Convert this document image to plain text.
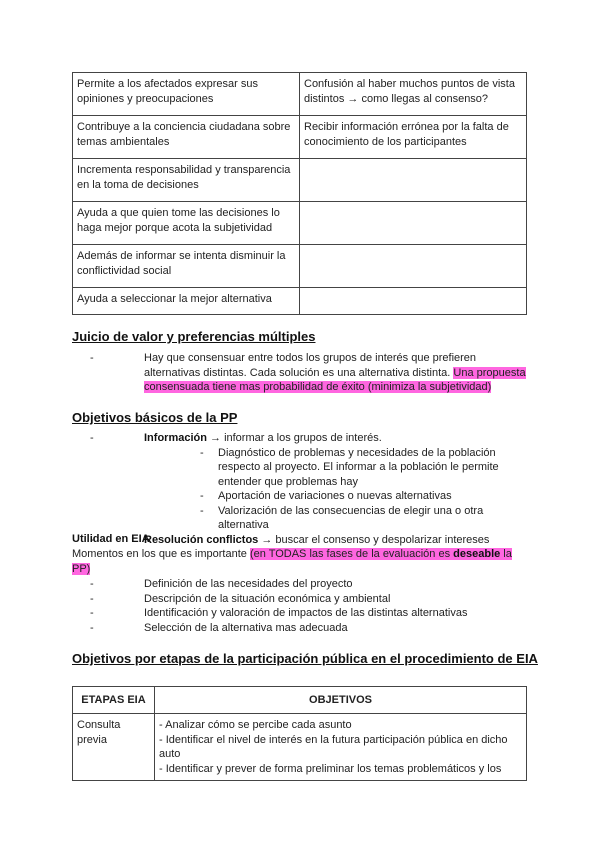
Permite a los afectados expresar sus opiniones y preocupaciones	Confusión al haber muchos puntos de vista distintos → como llegas al consenso?
Contribuye a la conciencia ciudadana sobre temas ambientales	Recibir información errónea por la falta de conocimiento de los participantes
Incrementa responsabilidad y transparencia en la toma de decisiones	
Ayuda a que quien tome las decisiones lo haga mejor porque acota la subjetividad	
Además de informar se intenta disminuir la conflictividad social	
Ayuda a seleccionar la mejor alternativa	
Juicio de valor y preferencias múltiples
- Hay que consensuar entre todos los grupos de interés que prefieren alternativas distintas. Cada solución es una alternativa distinta. Una propuesta consensuada tiene mas probabilidad de éxito (minimiza la subjetividad)
Objetivos básicos de la PP
- Información → informar a los grupos de interés.
- Diagnóstico de problemas y necesidades de la población respecto al proyecto. El informar a la población le permite entender que problemas hay
- Aportación de variaciones o nuevas alternativas
- Valorización de las consecuencias de elegir una o otra alternativa
- Resolución conflictos → buscar el consenso y despolarizar intereses
Utilidad en EIA
Momentos en los que es importante (en TODAS las fases de la evaluación es deseable la PP)
- Definición de las necesidades del proyecto
- Descripción de la situación económica y ambiental
- Identificación y valoración de impactos de las distintas alternativas
- Selección de la alternativa mas adecuada
Objetivos por etapas de la participación pública en el procedimiento de EIA
ETAPAS EIA	OBJETIVOS
Consulta previa	- Analizar cómo se percibe cada asunto
- Identificar el nivel de interés en la futura participación pública en dicho auto
- Identificar y prever de forma preliminar los temas problemáticos y los
